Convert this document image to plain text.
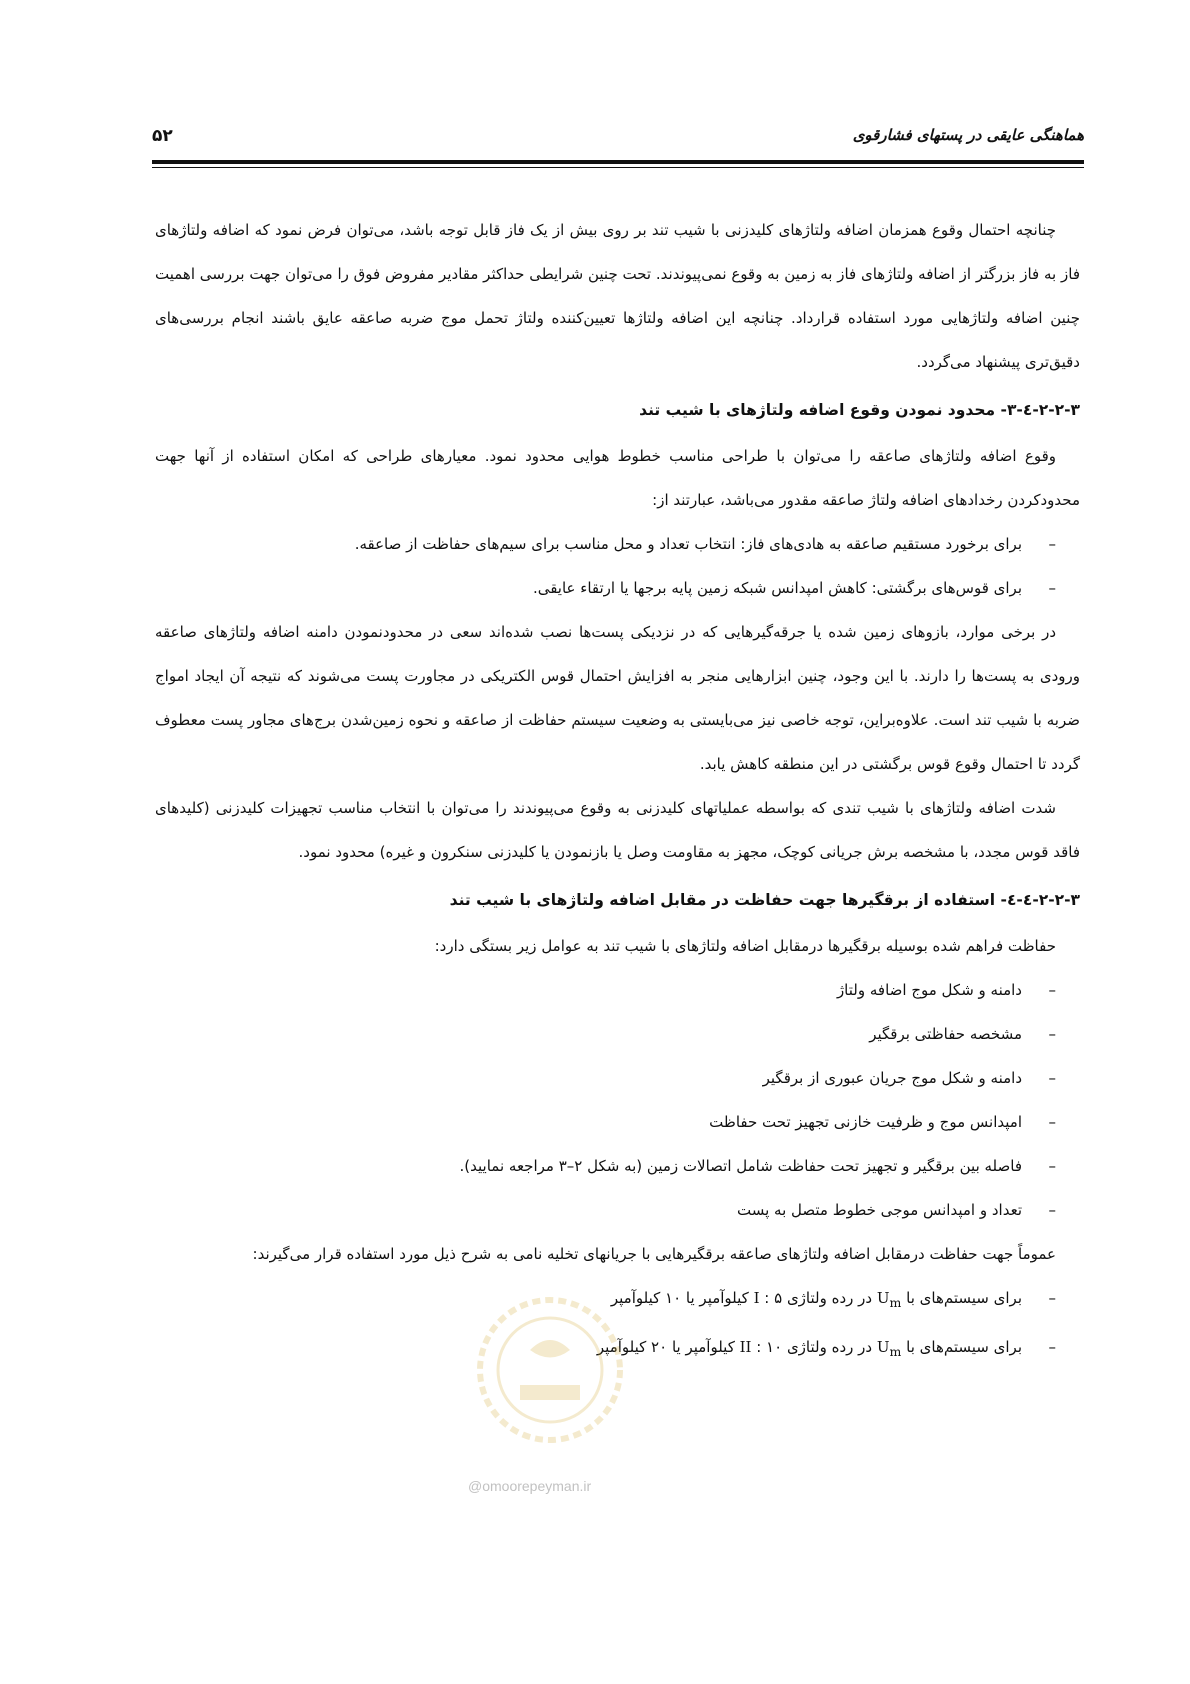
هماهنگی عایقی در پستهای فشارقوی
۵۲

چنانچه احتمال وقوع همزمان اضافه ولتاژهای کلیدزنی با شیب تند بر روی بیش از یک فاز قابل توجه باشد، می‌توان فرض نمود که اضافه ولتاژهای فاز به فاز بزرگتر از اضافه ولتاژهای فاز به زمین به وقوع نمی‌پیوندند. تحت چنین شرایطی حداکثر مقادیر مفروض فوق را می‌توان جهت بررسی اهمیت چنین اضافه ولتاژهایی مورد استفاده قرارداد. چنانچه این اضافه ولتاژها تعیین‌کننده ولتاژ تحمل موج ضربه صاعقه عایق باشند انجام بررسی‌های دقیق‌تری پیشنهاد می‌گردد.

۲-۲-۳-٤-۳- محدود نمودن وقوع اضافه ولتاژهای با شیب تند

وقوع اضافه ولتاژهای صاعقه را می‌توان با طراحی مناسب خطوط هوایی محدود نمود. معیارهای طراحی که امکان استفاده از آنها جهت محدودکردن رخدادهای اضافه ولتاژ صاعقه مقدور می‌باشد، عبارتند از:

–
برای برخورد مستقیم صاعقه به هادی‌های فاز: انتخاب تعداد و محل مناسب برای سیم‌های حفاظت از صاعقه.
–
برای قوس‌های برگشتی: کاهش امپدانس شبکه زمین پایه برجها یا ارتقاء عایقی.

در برخی موارد، بازوهای زمین شده یا جرقه‌گیرهایی که در نزدیکی پست‌ها نصب شده‌اند سعی در محدودنمودن دامنه اضافه ولتاژهای صاعقه ورودی به پست‌ها را دارند. با این وجود، چنین ابزارهایی منجر به افزایش احتمال قوس الکتریکی در مجاورت پست می‌شوند که نتیجه آن ایجاد امواج ضربه با شیب تند است. علاوه‌براین، توجه خاصی نیز می‌بایستی به وضعیت سیستم حفاظت از صاعقه و نحوه زمین‌شدن برج‌های مجاور پست معطوف گردد تا احتمال وقوع قوس برگشتی در این منطقه کاهش یابد.

شدت اضافه ولتاژهای با شیب تندی که بواسطه عملیاتهای کلیدزنی به وقوع می‌پیوندند را می‌توان با انتخاب مناسب تجهیزات کلیدزنی (کلیدهای فاقد قوس مجدد، با مشخصه برش جریانی کوچک، مجهز به مقاومت وصل یا بازنمودن یا کلیدزنی سنکرون و غیره) محدود نمود.

۲-۲-۳-٤-٤- استفاده از برقگیرها جهت حفاظت در مقابل اضافه ولتاژهای با شیب تند

حفاظت فراهم شده بوسیله برقگیرها درمقابل اضافه ولتاژهای با شیب تند به عوامل زیر بستگی دارد:

–
دامنه و شکل موج اضافه ولتاژ
–
مشخصه حفاظتی برقگیر
–
دامنه و شکل موج جریان عبوری از برقگیر
–
امپدانس موج و ظرفیت خازنی تجهیز تحت حفاظت
–
فاصله بین برقگیر و تجهیز تحت حفاظت شامل اتصالات زمین (به شکل ۲–۳ مراجعه نمایید).
–
تعداد و امپدانس موجی خطوط متصل به پست

عموماً جهت حفاظت درمقابل اضافه ولتاژهای صاعقه برقگیرهایی با جریانهای تخلیه نامی به شرح ذیل مورد استفاده قرار می‌گیرند:

–
برای سیستم‌های با $U_m$ در رده ولتاژی I : ۵ کیلوآمپر یا ۱۰ کیلوآمپر
–
برای سیستم‌های با $U_m$ در رده ولتاژی II : ۱۰ کیلوآمپر یا ۲۰ کیلوآمپر
@omoorepeyman.ir
